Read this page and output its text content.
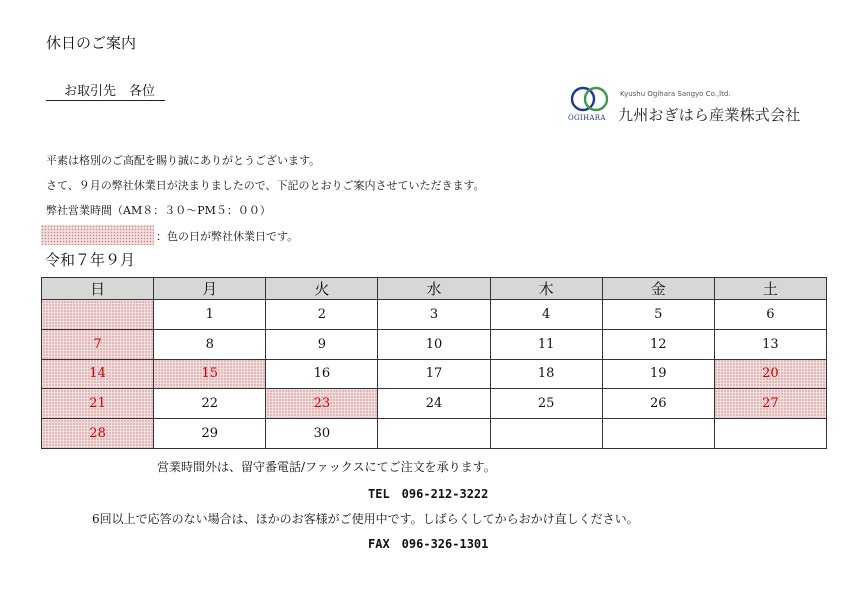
休日のご案内
お取引先　各位
OGIHARA
Kyushu Ogihara Sangyo Co.,ltd.
九州おぎはら産業株式会社
平素は格別のご高配を賜り誠にありがとうございます。
さて、９月の弊社休業日が決まりましたので、下記のとおりご案内させていただきます。
弊社営業時間（AM８：３０～PM５：００）
：色の日が弊社休業日です。
令和７年９月
日	月	火	水	木	金	土
	1	2	3	4	5	6
7	8	9	10	11	12	13
14	15	16	17	18	19	20
21	22	23	24	25	26	27
28	29	30				
営業時間外は、留守番電話/ファックスにてご注文を承ります。
TEL　096-212-3222
6回以上で応答のない場合は、ほかのお客様がご使用中です。しばらくしてからおかけ直しください。
FAX　096-326-1301
